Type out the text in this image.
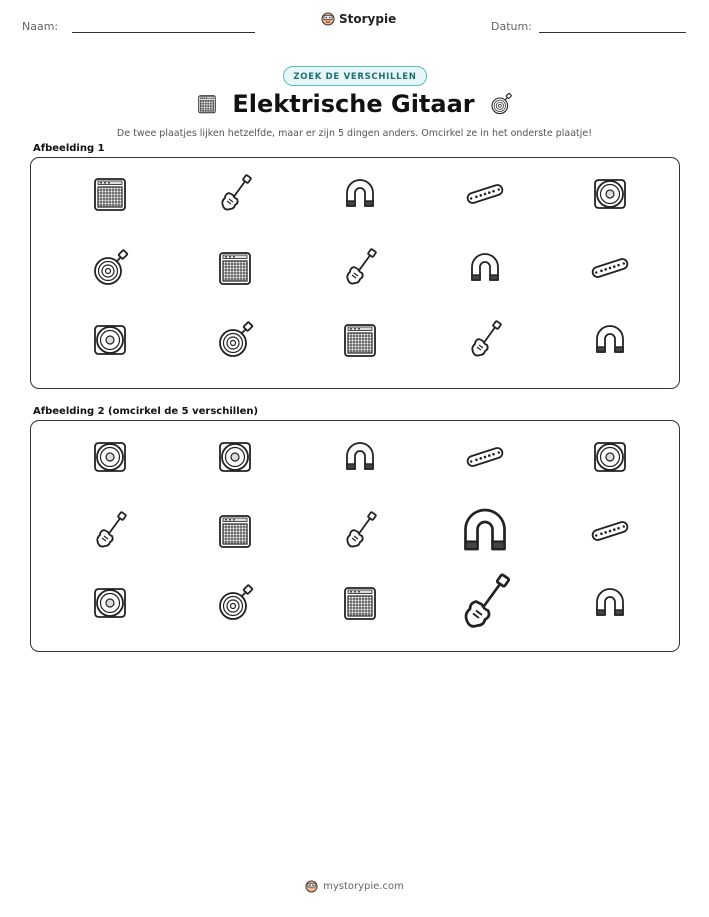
Naam:
Storypie
Datum:
ZOEK DE VERSCHILLEN
Elektrische Gitaar
De twee plaatjes lijken hetzelfde, maar er zijn 5 dingen anders. Omcirkel ze in het onderste plaatje!
Afbeelding 1
Afbeelding 2 (omcirkel de 5 verschillen)
mystorypie.com
